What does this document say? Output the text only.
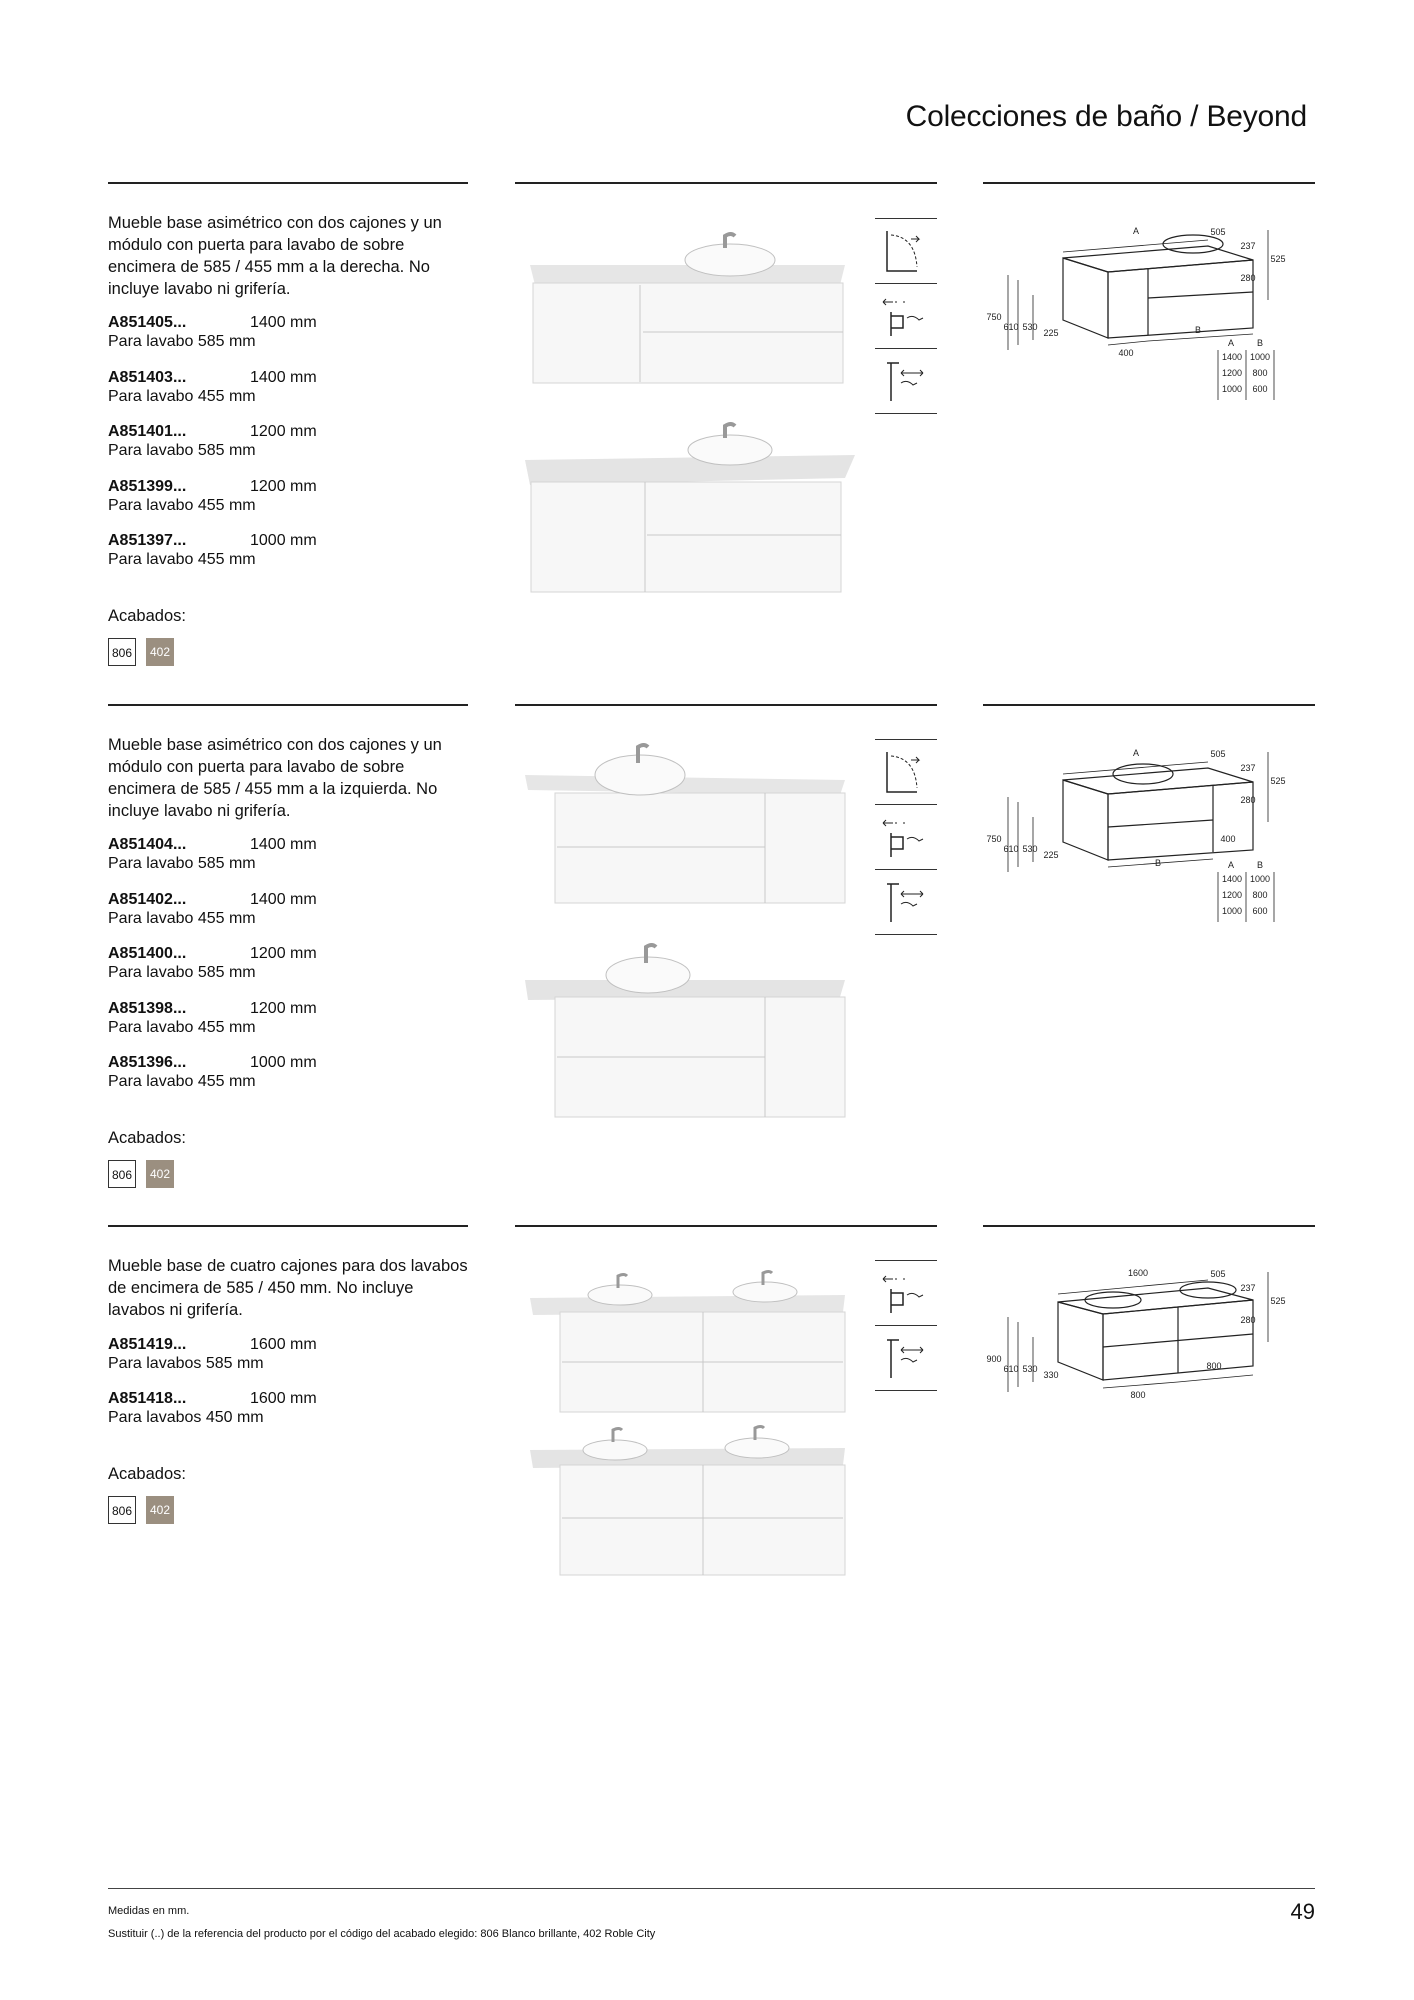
Colecciones de baño / Beyond
Mueble base asimétrico con dos cajones y un módulo con puerta para lavabo de sobre encimera de 585 / 455 mm a la derecha. No incluye lavabo ni grifería.
A851405...	1400 mm
Para lavabo 585 mm
A851403...	1400 mm
Para lavabo 455 mm
A851401...	1200 mm
Para lavabo 585 mm
A851399...	1200 mm
Para lavabo 455 mm
A851397...	1000 mm
Para lavabo 455 mm
Acabados:
806	402
A
B
505
237
525
280
750
610 530
225
400
A	B
1400 1000
1200 800
1000 600
Mueble base asimétrico con dos cajones y un módulo con puerta para lavabo de sobre encimera de 585 / 455 mm a la izquierda. No incluye lavabo ni grifería.
A851404...	1400 mm
Para lavabo 585 mm
A851402...	1400 mm
Para lavabo 455 mm
A851400...	1200 mm
Para lavabo 585 mm
A851398...	1200 mm
Para lavabo 455 mm
A851396...	1000 mm
Para lavabo 455 mm
Acabados:
806	402
A
B
505
237
525
280
750
610 530
225
400
A	B
1400 1000
1200 800
1000 600
Mueble base de cuatro cajones para dos lavabos de encimera de 585 / 450 mm. No incluye lavabos ni grifería.
A851419...	1600 mm
Para lavabos 585 mm
A851418...	1600 mm
Para lavabos 450 mm
Acabados:
806	402
1600	505
237
525
280
900
610 530
330
800
800
Medidas en mm.
Sustituir (..) de la referencia del producto por el código del acabado elegido: 806 Blanco brillante, 402 Roble City
49
